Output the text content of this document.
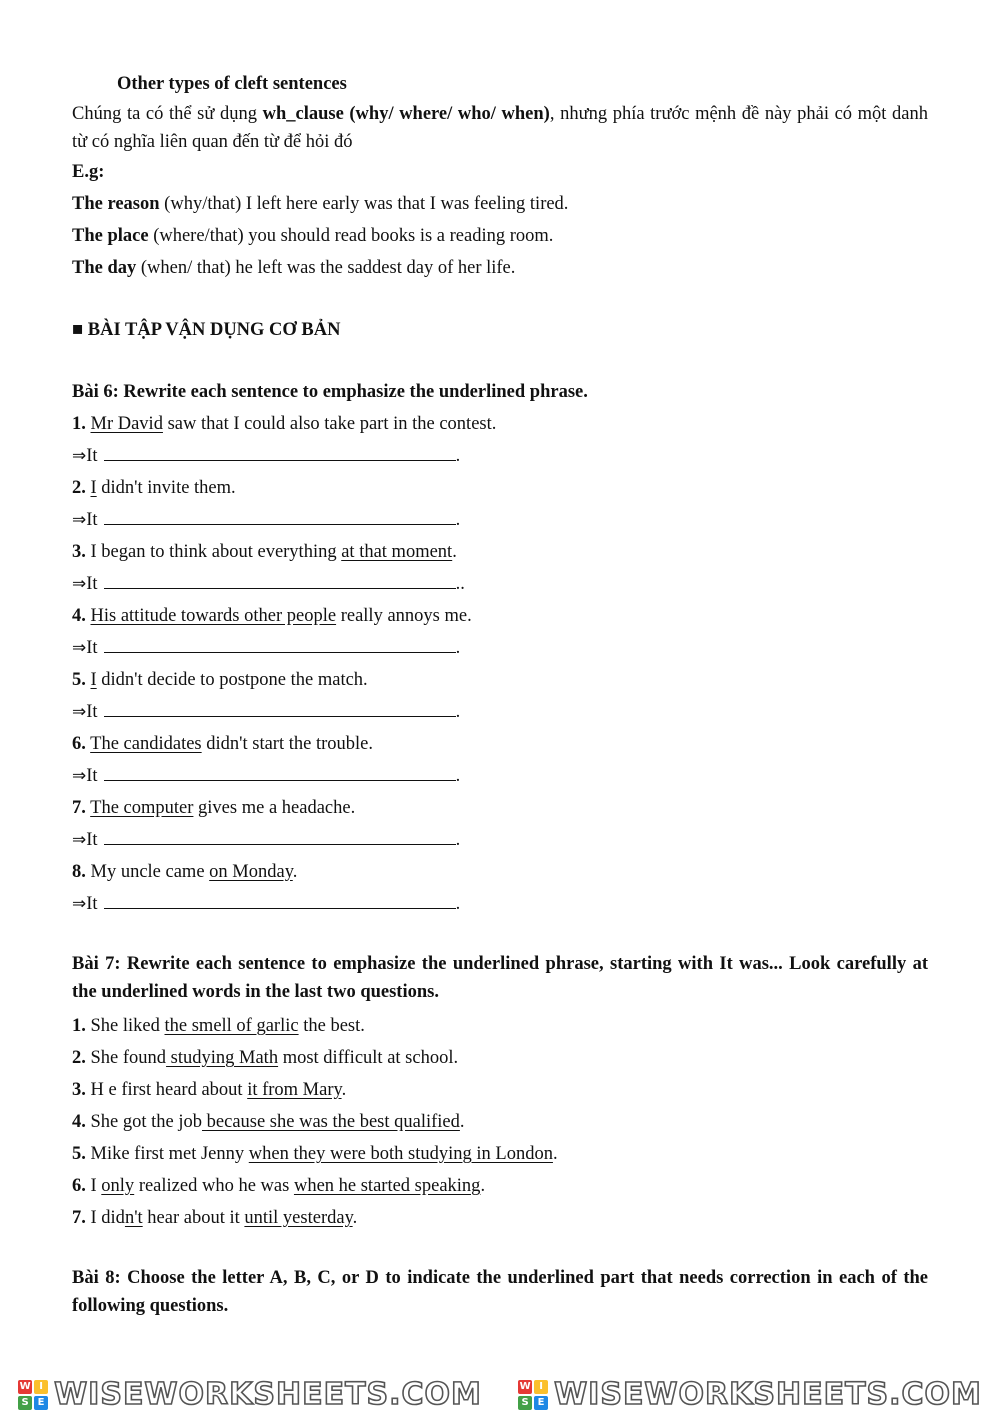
Other types of cleft sentences
Chúng ta có thể sử dụng wh_clause (why/ where/ who/ when), nhưng phía trước mệnh đề này phải có một danh từ có nghĩa liên quan đến từ để hỏi đó
E.g:
The reason (why/that) I left here early was that I was feeling tired.
The place (where/that) you should read books is a reading room.
The day (when/ that) he left was the saddest day of her life.
■ BÀI TẬP VẬN DỤNG CƠ BẢN
Bài 6: Rewrite each sentence to emphasize the underlined phrase.
1. Mr David saw that I could also take part in the contest.
⇒It	.
2. I didn't invite them.
⇒It	.
3. I began to think about everything at that moment.
⇒It	..
4. His attitude towards other people really annoys me.
⇒It	.
5. I didn't decide to postpone the match.
⇒It	.
6. The candidates didn't start the trouble.
⇒It	.
7. The computer gives me a headache.
⇒It	.
8. My uncle came on Monday.
⇒It	.
Bài 7: Rewrite each sentence to emphasize the underlined phrase, starting with It was... Look carefully at the underlined words in the last two questions.
1. She liked the smell of garlic the best.
2. She found studying Math most difficult at school.
3. H e first heard about it from Mary.
4. She got the job because she was the best qualified.
5. Mike first met Jenny when they were both studying in London.
6. I only realized who he was when he started speaking.
7. I didn't hear about it until yesterday.
Bài 8: Choose the letter A, B, C, or D to indicate the underlined part that needs correction in each of the following questions.
W I
S E WISEWORKSHEETS.COM	W I
S E WISEWORKSHEETS.COM
